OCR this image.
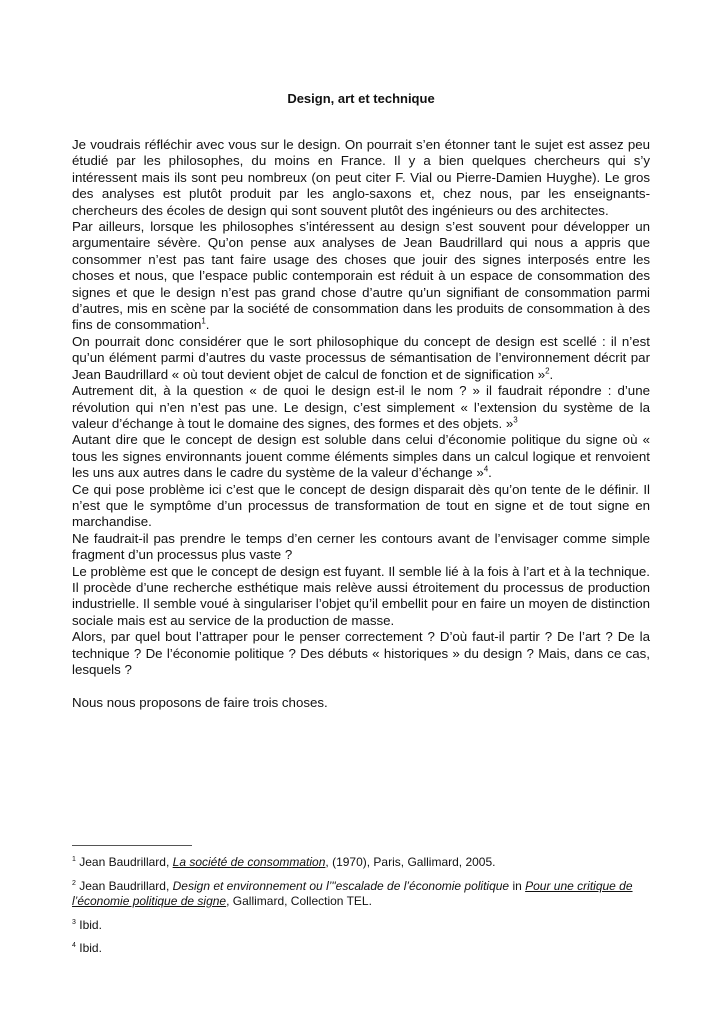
Design, art et technique

Je voudrais réfléchir avec vous sur le design. On pourrait s’en étonner tant le sujet est assez peu étudié par les philosophes, du moins en France. Il y a bien quelques chercheurs qui s’y intéressent mais ils sont peu nombreux (on peut citer F. Vial ou Pierre-Damien Huyghe). Le gros des analyses est plutôt produit par les anglo-saxons et, chez nous, par les enseignants-chercheurs des écoles de design qui sont souvent plutôt des ingénieurs ou des architectes.

Par ailleurs, lorsque les philosophes s’intéressent au design s’est souvent pour développer un argumentaire sévère. Qu’on pense aux analyses de Jean Baudrillard qui nous a appris que consommer n’est pas tant faire usage des choses que jouir des signes interposés entre les choses et nous, que l’espace public contemporain est réduit à un espace de consommation des signes et que le design n’est pas grand chose d’autre qu’un signifiant de consommation parmi d’autres, mis en scène par la société de consommation dans les produits de consommation à des fins de consommation$^1$.

On pourrait donc considérer que le sort philosophique du concept de design est scellé : il n’est qu’un élément parmi d’autres du vaste processus de sémantisation de l’environnement décrit par Jean Baudrillard « où tout devient objet de calcul de fonction et de signification »$^2$.

Autrement dit, à la question « de quoi le design est-il le nom ? » il faudrait répondre : d’une révolution qui n’en n’est pas une. Le design, c’est simplement « l’extension du système de la valeur d’échange à tout le domaine des signes, des formes et des objets. »$^3$

Autant dire que le concept de design est soluble dans celui d’économie politique du signe où « tous les signes environnants jouent comme éléments simples dans un calcul logique et renvoient les uns aux autres dans le cadre du système de la valeur d’échange »$^4$.

Ce qui pose problème ici c’est que le concept de design disparait dès qu’on tente de le définir. Il n’est que le symptôme d’un processus de transformation de tout en signe et de tout signe en marchandise.

Ne faudrait-il pas prendre le temps d’en cerner les contours avant de l’envisager comme simple fragment d’un processus plus vaste ?

Le problème est que le concept de design est fuyant. Il semble lié à la fois à l’art et à la technique. Il procède d’une recherche esthétique mais relève aussi étroitement du processus de production industrielle. Il semble voué à singulariser l’objet qu’il embellit pour en faire un moyen de distinction sociale mais est au service de la production de masse.

Alors, par quel bout l’attraper pour le penser correctement ? D’où faut-il partir ? De l’art ? De la technique ? De l’économie politique ? Des débuts « historiques » du design ? Mais, dans ce cas, lesquels ?

Nous nous proposons de faire trois choses.

$^1$ Jean Baudrillard, La société de consommation, (1970), Paris, Gallimard, 2005.

$^2$ Jean Baudrillard, Design et environnement ou l’"escalade de l’économie politique in Pour une critique de l’économie politique de signe, Gallimard, Collection TEL.

$^3$ Ibid.

$^4$ Ibid.
